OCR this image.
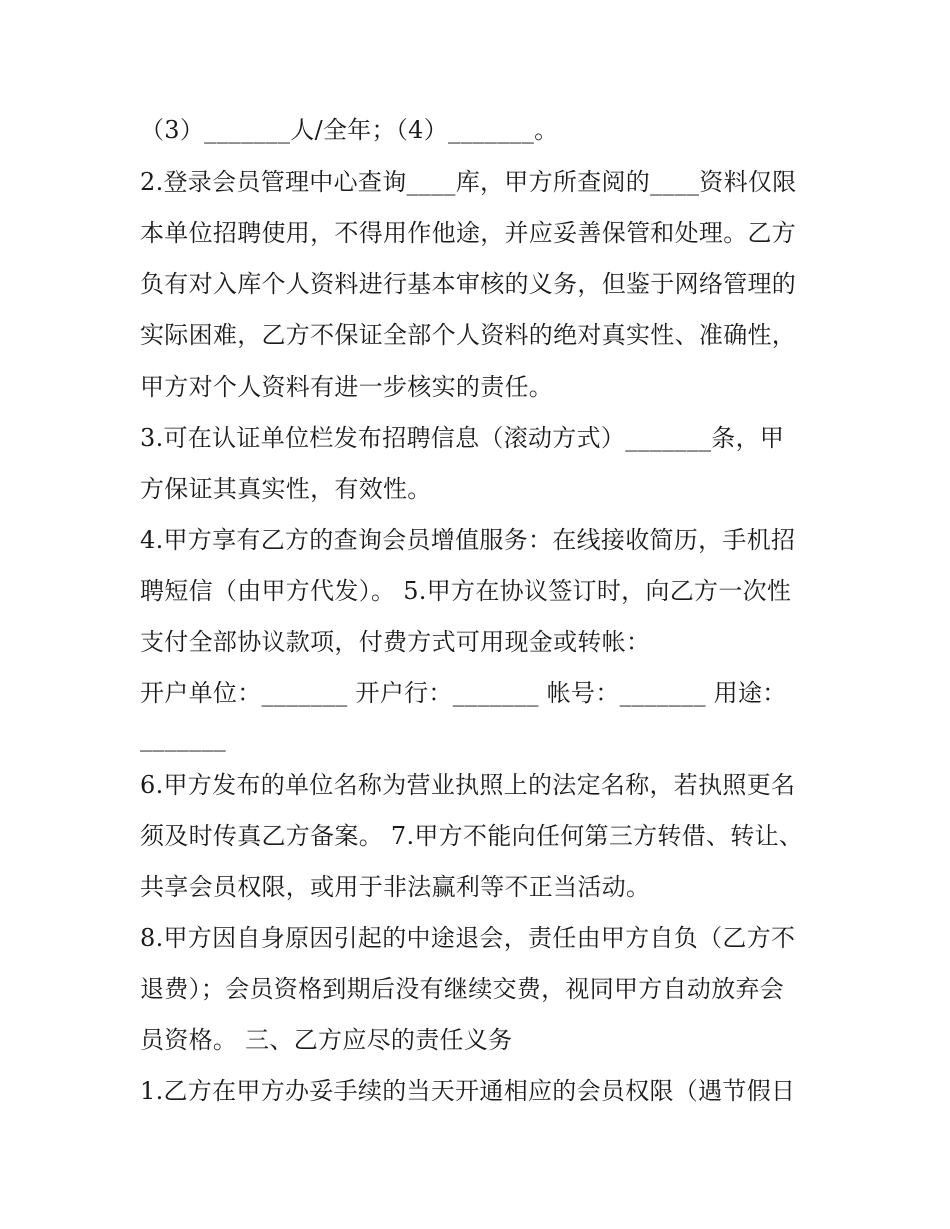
（3）_______人/全年；（4）_______。
2.登录会员管理中心查询____库，甲方所查阅的____资料仅限
本单位招聘使用，不得用作他途，并应妥善保管和处理。乙方
负有对入库个人资料进行基本审核的义务，但鉴于网络管理的
实际困难，乙方不保证全部个人资料的绝对真实性、准确性，
甲方对个人资料有进一步核实的责任。
3.可在认证单位栏发布招聘信息（滚动方式）_______条，甲
方保证其真实性，有效性。
4.甲方享有乙方的查询会员增值服务：在线接收简历，手机招
聘短信（由甲方代发）。 5.甲方在协议签订时，向乙方一次性
支付全部协议款项，付费方式可用现金或转帐：
开户单位：_______ 开户行：_______ 帐号：_______ 用途：
_______
6.甲方发布的单位名称为营业执照上的法定名称，若执照更名
须及时传真乙方备案。 7.甲方不能向任何第三方转借、转让、
共享会员权限，或用于非法赢利等不正当活动。
8.甲方因自身原因引起的中途退会，责任由甲方自负（乙方不
退费）；会员资格到期后没有继续交费，视同甲方自动放弃会
员资格。 三、乙方应尽的责任义务
1.乙方在甲方办妥手续的当天开通相应的会员权限（遇节假日
